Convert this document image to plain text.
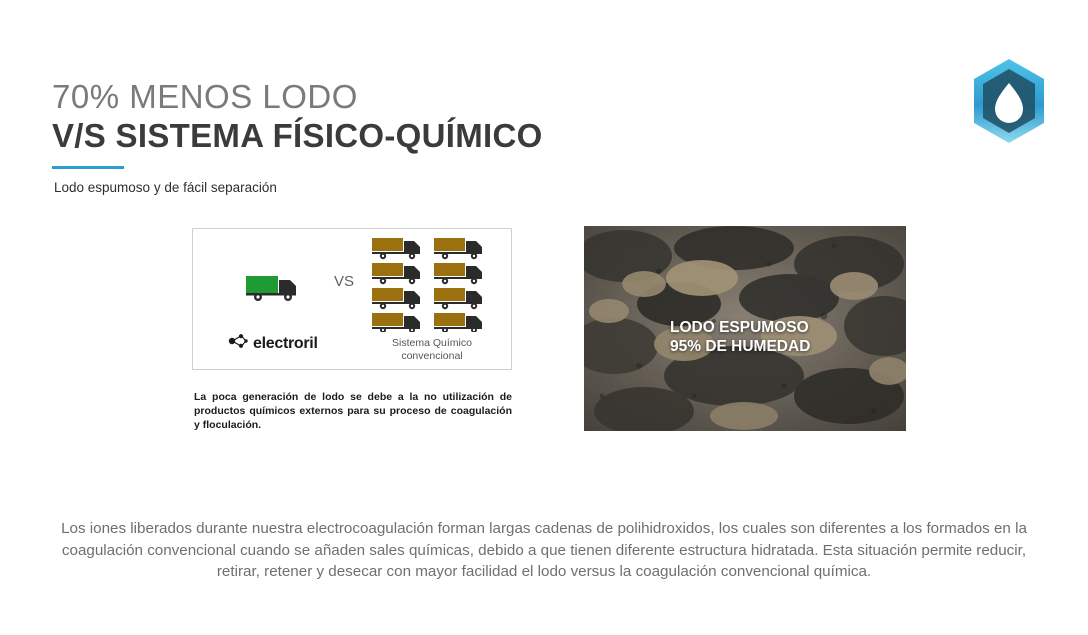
70% MENOS LODO
V/S SISTEMA FÍSICO-QUÍMICO
Lodo espumoso y de fácil separación
VS
electroril	Sistema Químico
convencional
La poca generación de lodo se debe a la no utilización de productos químicos externos para su proceso de coagulación y floculación.
LODO ESPUMOSO
95% DE HUMEDAD
Los iones liberados durante nuestra electrocoagulación forman largas cadenas de polihidroxidos, los cuales son diferentes a los formados en la coagulación convencional cuando se añaden sales químicas, debido a que tienen diferente estructura hidratada. Esta situación permite reducir, retirar, retener y desecar con mayor facilidad el lodo versus la coagulación convencional química.
